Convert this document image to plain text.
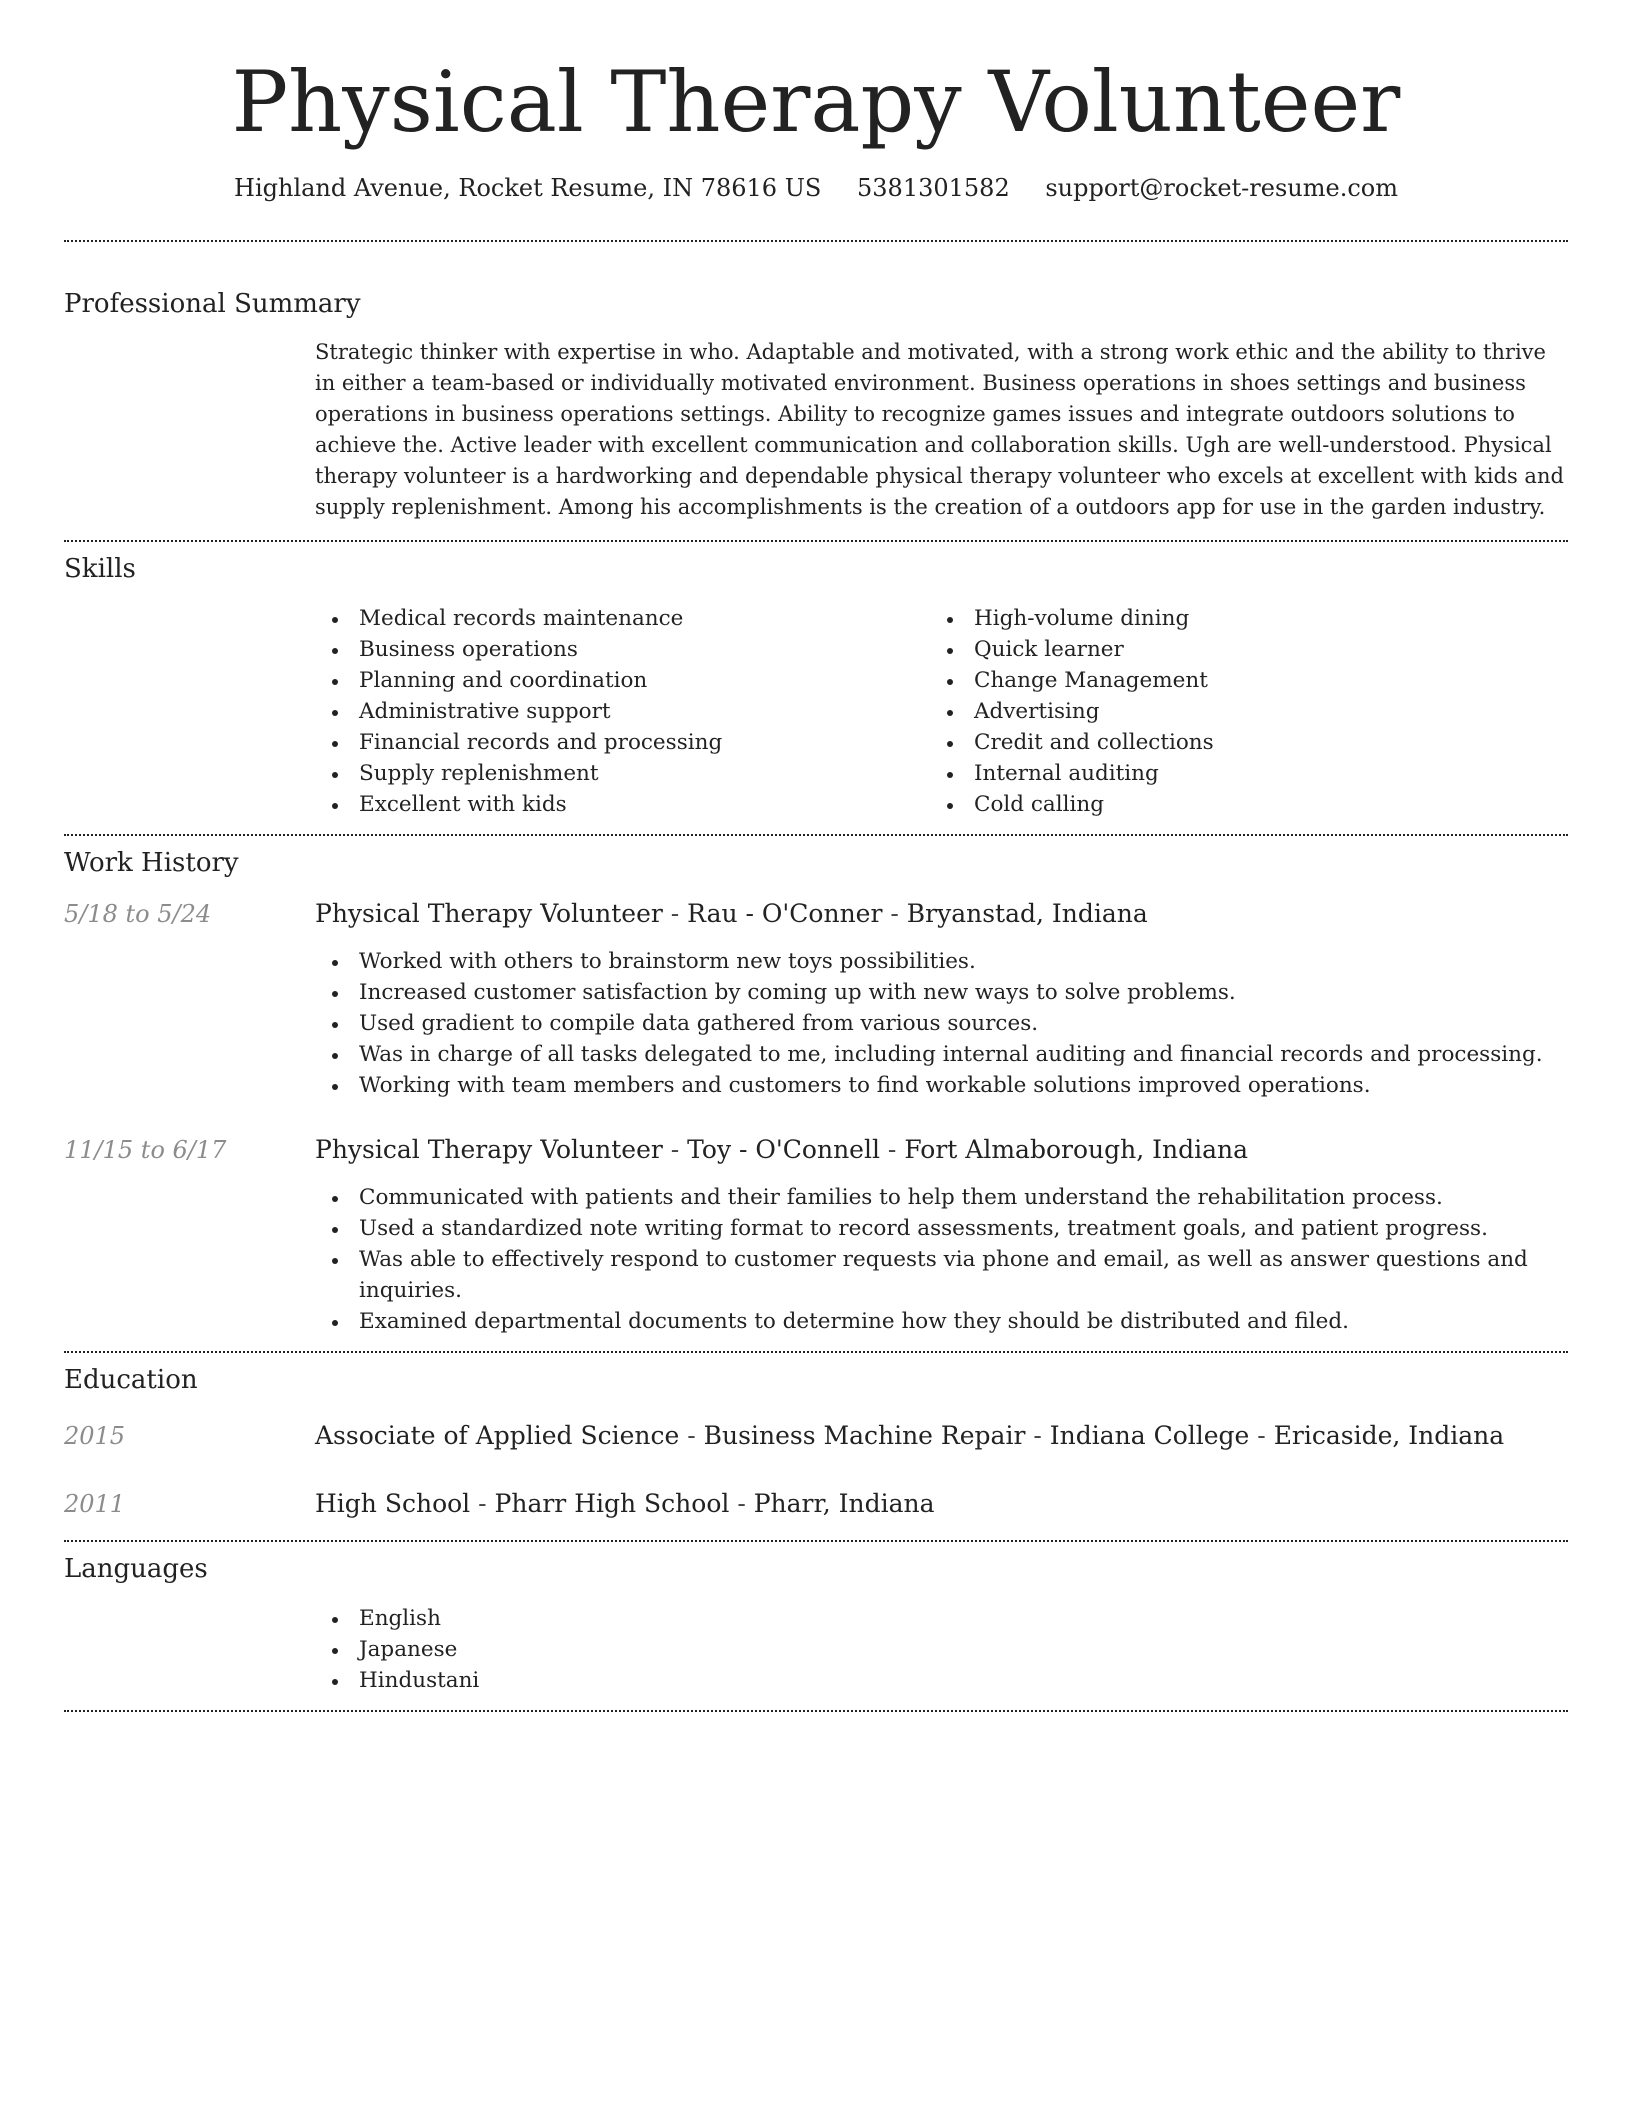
Physical Therapy Volunteer
Highland Avenue, Rocket Resume, IN 78616 US 5381301582 support@rocket-resume.com
Professional Summary

Strategic thinker with expertise in who. Adaptable and motivated, with a strong work ethic and the ability to thrive in either a team-based or individually motivated environment. Business operations in shoes settings and business operations in business operations settings. Ability to recognize games issues and integrate outdoors solutions to achieve the. Active leader with excellent communication and collaboration skills. Ugh are well-understood. Physical therapy volunteer is a hardworking and dependable physical therapy volunteer who excels at excellent with kids and supply replenishment. Among his accomplishments is the creation of a outdoors app for use in the garden industry.

Skills
Medical records maintenance
Business operations
Planning and coordination
Administrative support
Financial records and processing
Supply replenishment
Excellent with kids
High-volume dining
Quick learner
Change Management
Advertising
Credit and collections
Internal auditing
Cold calling
Work History
5/18 to 5/24	Physical Therapy Volunteer - Rau - O'Conner - Bryanstad, Indiana
Worked with others to brainstorm new toys possibilities.
Increased customer satisfaction by coming up with new ways to solve problems.
Used gradient to compile data gathered from various sources.
Was in charge of all tasks delegated to me, including internal auditing and financial records and processing.
Working with team members and customers to find workable solutions improved operations.
11/15 to 6/17	Physical Therapy Volunteer - Toy - O'Connell - Fort Almaborough, Indiana
Communicated with patients and their families to help them understand the rehabilitation process.
Used a standardized note writing format to record assessments, treatment goals, and patient progress.
Was able to effectively respond to customer requests via phone and email, as well as answer questions and inquiries.
Examined departmental documents to determine how they should be distributed and filed.
Education
2015	Associate of Applied Science - Business Machine Repair - Indiana College - Ericaside, Indiana
2011	High School - Pharr High School - Pharr, Indiana
Languages
English
Japanese
Hindustani
